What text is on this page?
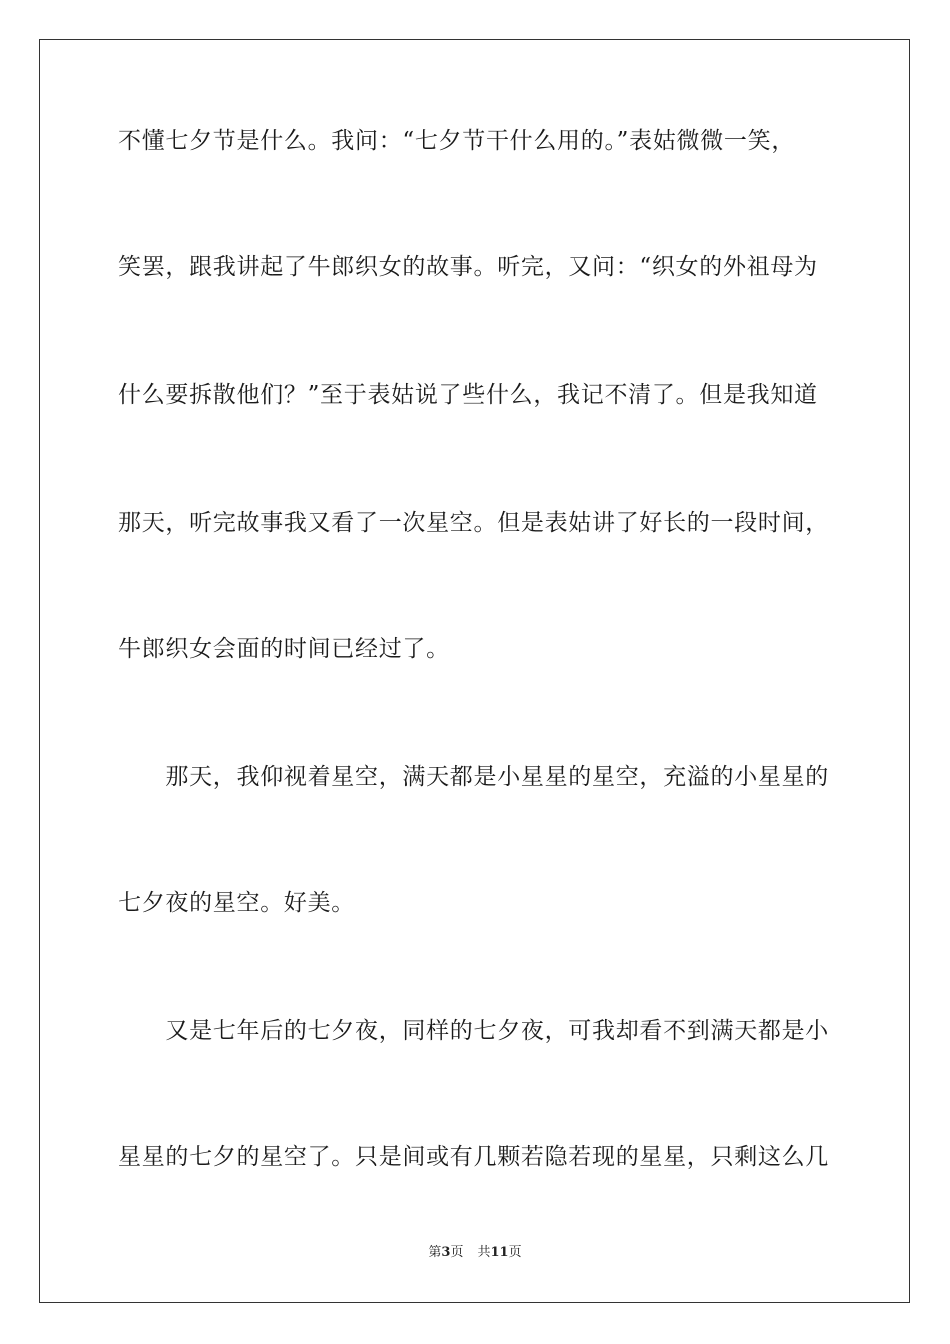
不懂七夕节是什么。我问：“七夕节干什么用的。”表姑微微一笑，
笑罢，跟我讲起了牛郎织女的故事。听完，又问：“织女的外祖母为
什么要拆散他们？”至于表姑说了些什么，我记不清了。但是我知道
那天，听完故事我又看了一次星空。但是表姑讲了好长的一段时间，
牛郎织女会面的时间已经过了。
　　那天，我仰视着星空，满天都是小星星的星空，充溢的小星星的
七夕夜的星空。好美。
　　又是七年后的七夕夜，同样的七夕夜，可我却看不到满天都是小
星星的七夕的星空了。只是间或有几颗若隐若现的星星，只剩这么几
第3页 共11页
